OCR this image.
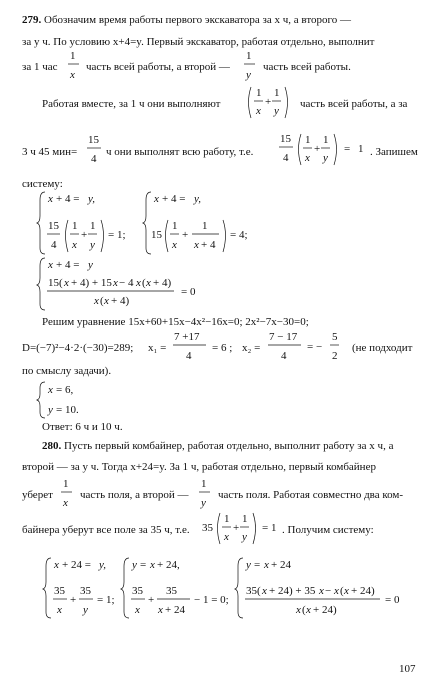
279. Обозначим время работы первого экскаватора за x ч, а второго —
за y ч. По условию x+4=y. Первый экскаватор, работая отдельно, выполнит
за 1 час
1
x
часть всей работы, а второй —
1
y
часть всей работы.
Работая вместе, за 1 ч они выполняют
1
x
+
1
y
часть всей работы, а за
3 ч 45 мин=
15
4
ч они выполнят всю работу, т.е.
15
4
1
x
+
1
y
= 1 . Запишем
системy:
x + 4 = y,
15
4
1
x
+
1
y
= 1;
x + 4 = y,
15
1
x
+
1
x + 4
= 4;
x + 4 = y
15( x + 4) + 15 x − 4 x ( x + 4)
x ( x + 4)
= 0
Решим уравнение 15x+60+15x−4x²−16x=0; 2x²−7x−30=0;
D=(−7)²−4·2·(−30)=289; x₁ =
7 +17
4
= 6 ; x₂ =
7 − 17
4
= −
5
2
(не подходит
по смыслу задачи).
x = 6,
y = 10.
Ответ: 6 ч и 10 ч.
280. Пусть первый комбайнер, работая отдельно, выполнит работу за x ч, а
второй — за y ч. Тогда x+24=y. За 1 ч, работая отдельно, первый комбайнер
уберет
1
x
часть поля, а второй —
1
y
часть поля. Работая совместно два ком-
байнера уберут все поле за 35 ч, т.е. 35
1
x
+
1
y
= 1 . Получим систему:
x + 24 = y,
35
x
+
35
y
= 1;
y = x + 24,
35
x
+
35
x + 24
− 1 = 0;
y = x + 24
35( x + 24) + 35 x − x ( x + 24)
x ( x + 24)
= 0
107
